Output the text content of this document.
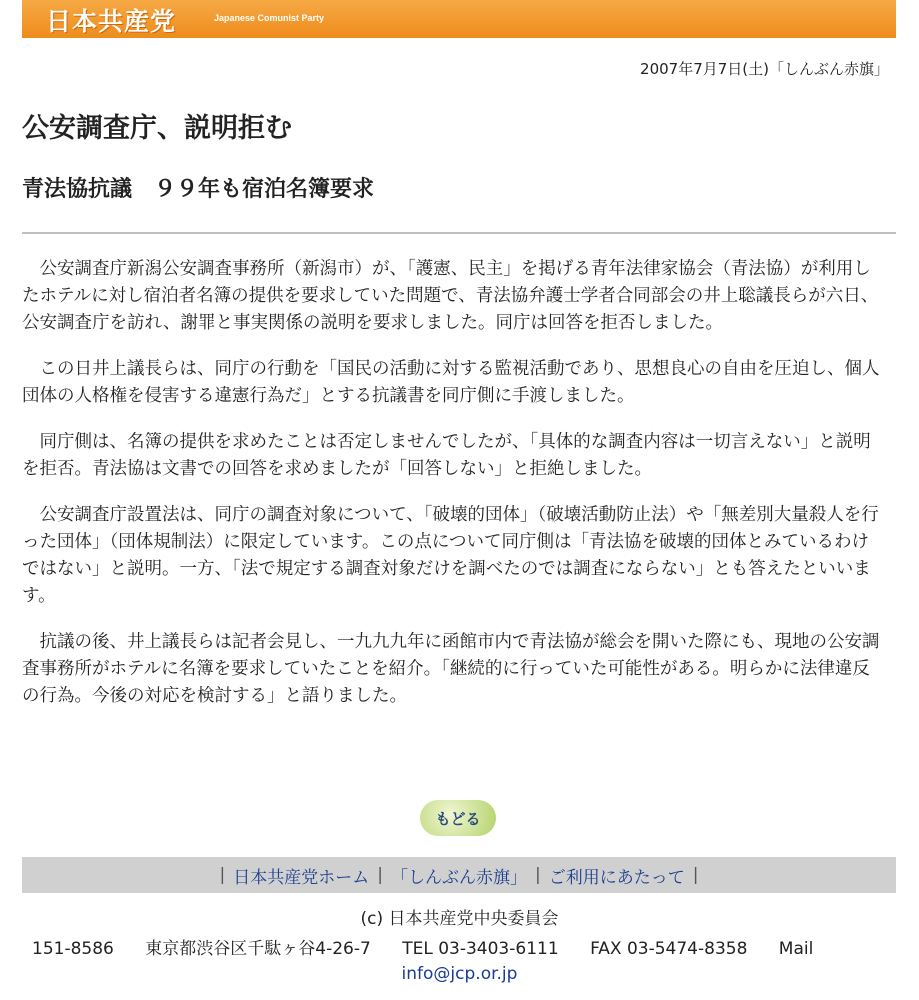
日本共産党	Japanese Comunist Party
2007年7月7日(土)「しんぶん赤旗」
公安調査庁、説明拒む
青法協抗議　９９年も宿泊名簿要求

公安調査庁新潟公安調査事務所（新潟市）が、「護憲、民主」を掲げる青年法律家協会（青法協）が利用したホテルに対し宿泊者名簿の提供を要求していた問題で、青法協弁護士学者合同部会の井上聡議長らが六日、公安調査庁を訪れ、謝罪と事実関係の説明を要求しました。同庁は回答を拒否しました。

この日井上議長らは、同庁の行動を「国民の活動に対する監視活動であり、思想良心の自由を圧迫し、個人団体の人格権を侵害する違憲行為だ」とする抗議書を同庁側に手渡しました。

同庁側は、名簿の提供を求めたことは否定しませんでしたが、「具体的な調査内容は一切言えない」と説明を拒否。青法協は文書での回答を求めましたが「回答しない」と拒絶しました。

公安調査庁設置法は、同庁の調査対象について、「破壊的団体」（破壊活動防止法）や「無差別大量殺人を行った団体」（団体規制法）に限定しています。この点について同庁側は「青法協を破壊的団体とみているわけではない」と説明。一方、「法で規定する調査対象だけを調べたのでは調査にならない」とも答えたといいます。

抗議の後、井上議長らは記者会見し、一九九九年に函館市内で青法協が総会を開いた際にも、現地の公安調査事務所がホテルに名簿を要求していたことを紹介。「継続的に行っていた可能性がある。明らかに法律違反の行為。今後の対応を検討する」と語りました。

もどる
| 日本共産党ホーム | 「しんぶん赤旗」 | ご利用にあたって |
(c) 日本共産党中央委員会
151-8586 東京都渋谷区千駄ヶ谷4-26-7 TEL 03-3403-6111 FAX 03-5474-8358 Mail
info@jcp.or.jp
